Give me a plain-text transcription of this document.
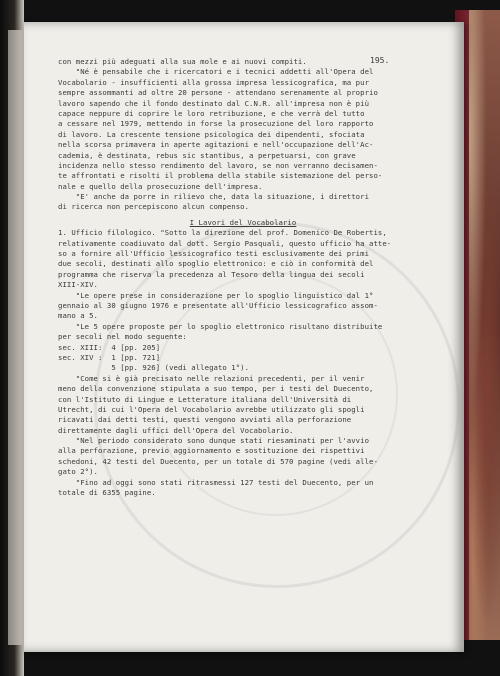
195.
con mezzi più adeguati alla sua mole e ai nuovi compiti.
"Né è pensabile che i ricercatori e i tecnici addetti all'Opera del
Vocabolario - insufficienti alla grossa impresa lessicografica, ma pur
sempre assommanti ad oltre 20 persone - attendano serenamente al proprio
lavoro sapendo che il fondo destinato dal C.N.R. all'impresa non è più
capace neppure di coprire le loro retribuzione, e che verrà del tutto
a cessare nel 1979, mettendo in forse la prosecuzione del loro rapporto
di lavoro. La crescente tensione psicologica dei dipendenti, sfociata
nella scorsa primavera in aperte agitazioni e nell'occupazione dell'Ac-
cademia, è destinata, rebus sic stantibus, a perpetuarsi, con grave
incidenza nello stesso rendimento del lavoro, se non verranno decisamen-
te affrontati e risolti il problema della stabile sistemazione del perso-
nale e quello della prosecuzione dell'impresa.
"E' anche da porre in rilievo che, data la situazione, i direttori
di ricerca non percepiscono alcun compenso.
I Lavori del Vocabolario
1. Ufficio filologico. "Sotto la direzione del prof. Domenico De Robertis,
relativamente coadiuvato dal dott. Sergio Pasquali, questo ufficio ha atte-
so a fornire all'Ufficio lessicografico testi esclusivamente dei primi
due secoli, destinati allo spoglio elettronico: e ciò in conformità del
programma che riserva la precedenza al Tesoro della lingua dei secoli
XIII-XIV.
"Le opere prese in considerazione per lo spoglio linguistico dal 1°
gennaio al 30 giugno 1976 e presentate all'Ufficio lessicografico assom-
mano a 5.
"Le 5 opere proposte per lo spoglio elettronico risultano distribuite
per secoli nel modo seguente:
sec. XIII:  4 [pp. 205]
sec. XIV :  1 [pp. 721]
5 [pp. 926] (vedi allegato 1°).
"Come si è già precisato nelle relazioni precedenti, per il venir
meno della convenzione stipulata a suo tempo, per i testi del Duecento,
con l'Istituto di Lingue e Letterature italiana dell'Università di
Utrecht, di cui l'Opera del Vocabolario avrebbe utilizzato gli spogli
ricavati dai detti testi, questi vengono avviati alla perforazione
direttamente dagli uffici dell'Opera del Vocabolario.
"Nel periodo considerato sono dunque stati riesaminati per l'avvio
alla perforazione, previo aggiornamento e sostituzione dei rispettivi
schedoni, 42 testi del Duecento, per un totale di 570 pagine (vedi alle-
gato 2°).
"Fino ad oggi sono stati ritrasmessi 127 testi del Duecento, per un
totale di 6355 pagine.
